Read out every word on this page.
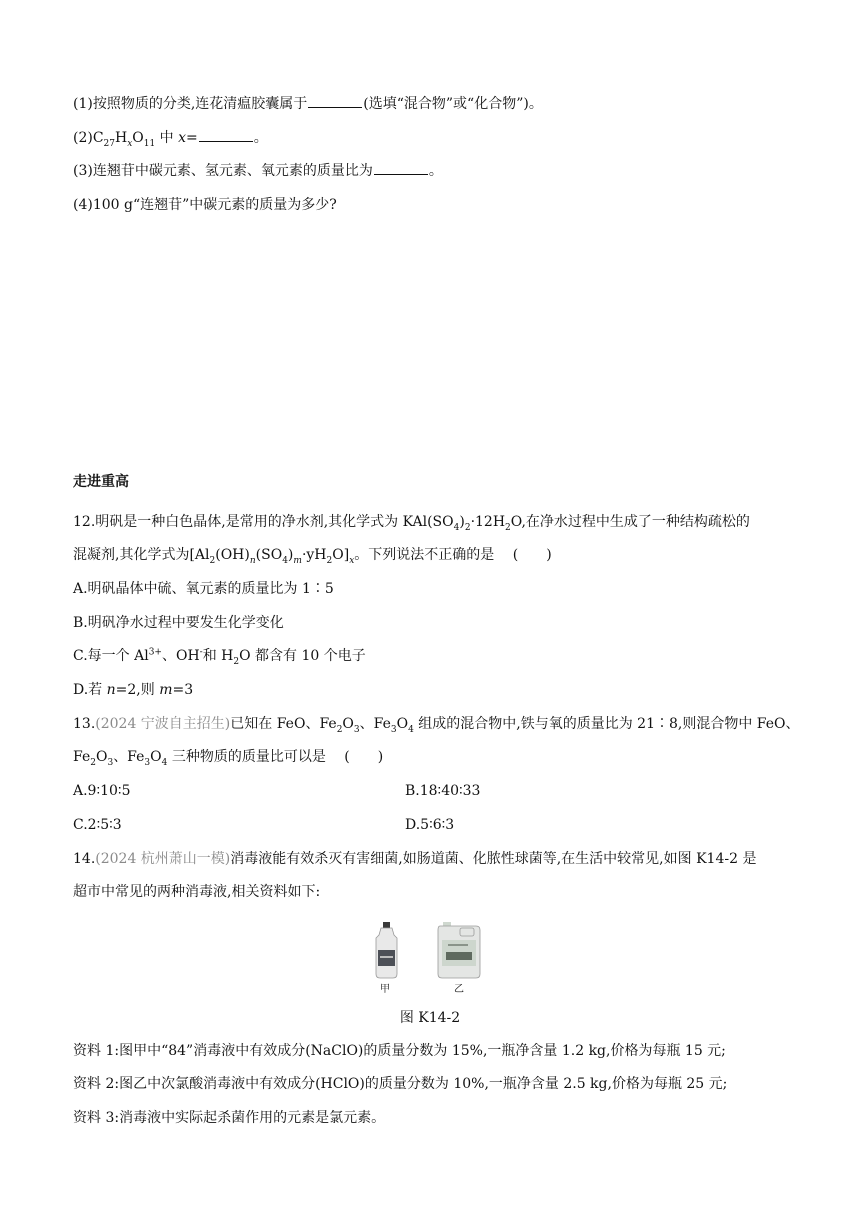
(1)按照物质的分类,连花清瘟胶囊属于	(选填“混合物”或“化合物”)。
$(2)C_{27}H_xO_{11}$ 中 x=	。
(3)连翘苷中碳元素、氢元素、氧元素的质量比为	。
(4)100 g“连翘苷”中碳元素的质量为多少?
走进重高
12.明矾是一种白色晶体,是常用的净水剂,其化学式为 $KAl(SO_4)_2\cdot 12H_2O$,在净水过程中生成了一种结构疏松的
混凝剂,其化学式为$[Al_2(OH)_n(SO_4)_m\cdot yH_2O]_x$。下列说法不正确的是　 (　　)
A.明矾晶体中硫、氧元素的质量比为 1∶5
B.明矾净水过程中要发生化学变化
C.每一个 $Al^{3+}$、OH-和 $H_2O$ 都含有 10 个电子
D.若 n=2,则 m=3
13.(2024 宁波自主招生)已知在 FeO、$Fe_2O_3$、$Fe_3O_4$ 组成的混合物中,铁与氧的质量比为 21∶8,则混合物中 FeO、
$Fe_2O_3$、$Fe_3O_4$ 三种物质的质量比可以是　 (　　)
A.9∶10∶5	B.18∶40∶33
C.2∶5∶3	D.5∶6∶3
14.(2024 杭州萧山一模)消毒液能有效杀灭有害细菌,如肠道菌、化脓性球菌等,在生活中较常见,如图 K14-2 是
超市中常见的两种消毒液,相关资料如下:
甲	乙
图 K14-2
资料 1:图甲中“84”消毒液中有效成分(NaClO)的质量分数为 15%,一瓶净含量 1.2 kg,价格为每瓶 15 元;
资料 2:图乙中次氯酸消毒液中有效成分(HClO)的质量分数为 10%,一瓶净含量 2.5 kg,价格为每瓶 25 元;
资料 3:消毒液中实际起杀菌作用的元素是氯元素。
